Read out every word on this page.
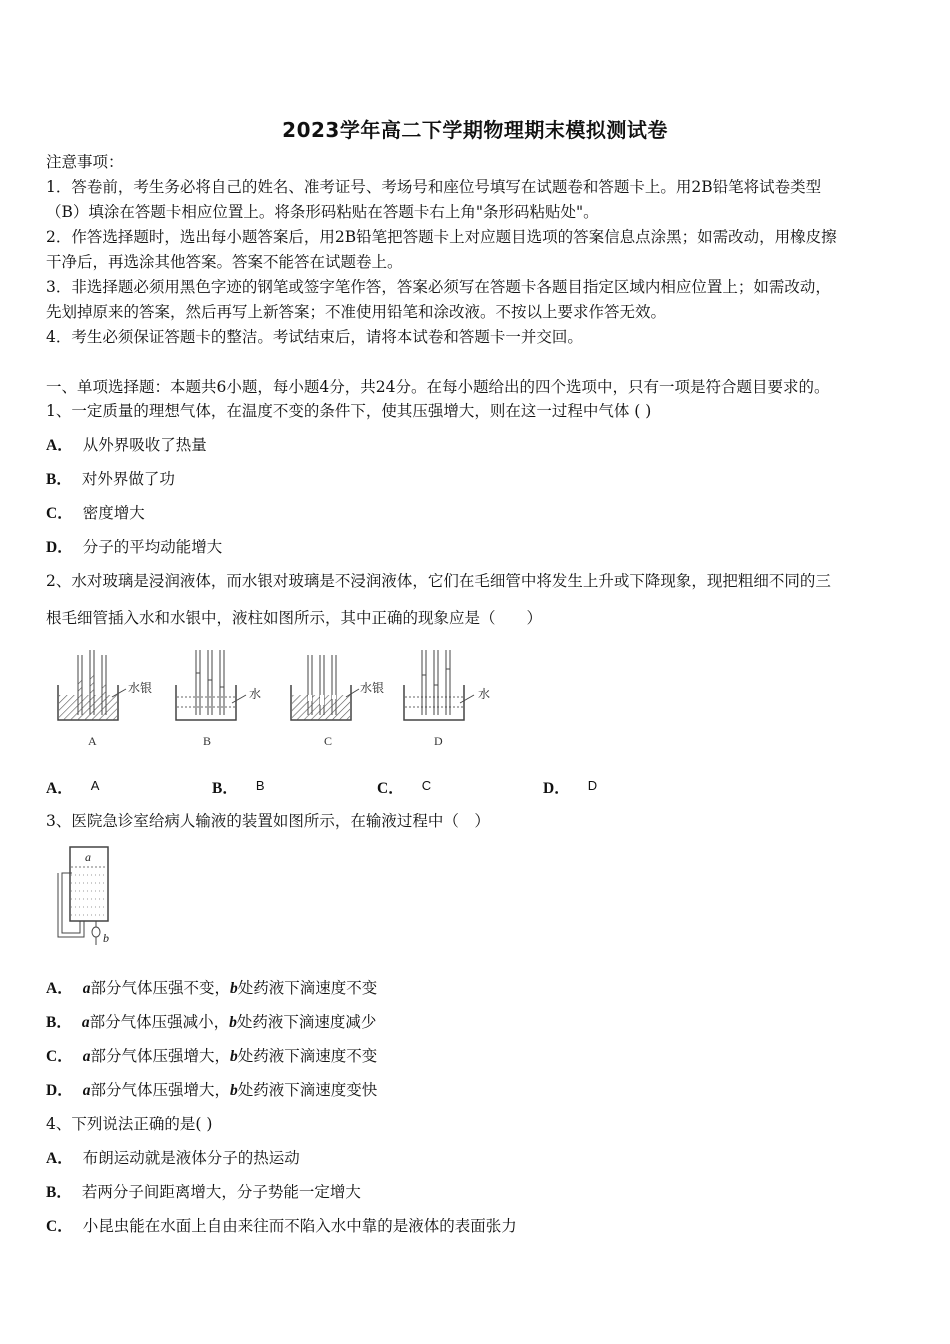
2023学年高二下学期物理期末模拟测试卷
注意事项：
1．答卷前，考生务必将自己的姓名、准考证号、考场号和座位号填写在试题卷和答题卡上。用2B铅笔将试卷类型
（B）填涂在答题卡相应位置上。将条形码粘贴在答题卡右上角"条形码粘贴处"。
2．作答选择题时，选出每小题答案后，用2B铅笔把答题卡上对应题目选项的答案信息点涂黑；如需改动，用橡皮擦
干净后，再选涂其他答案。答案不能答在试题卷上。
3．非选择题必须用黑色字迹的钢笔或签字笔作答，答案必须写在答题卡各题目指定区域内相应位置上；如需改动，
先划掉原来的答案，然后再写上新答案；不准使用铅笔和涂改液。不按以上要求作答无效。
4．考生必须保证答题卡的整洁。考试结束后，请将本试卷和答题卡一并交回。
一、单项选择题：本题共6小题，每小题4分，共24分。在每小题给出的四个选项中，只有一项是符合题目要求的。
1、一定质量的理想气体，在温度不变的条件下，使其压强增大，则在这一过程中气体 ( )
A． 从外界吸收了热量
B． 对外界做了功
C． 密度增大
D． 分子的平均动能增大
2、水对玻璃是浸润液体，而水银对玻璃是不浸润液体，它们在毛细管中将发生上升或下降现象，现把粗细不同的三
根毛细管插入水和水银中，液柱如图所示，其中正确的现象应是（　　）
水银
A
水
B
水银
C
水
D
A． A	B． B	C． C	D． D
3、医院急诊室给病人输液的装置如图所示，在输液过程中（　）
a
b
A． a部分气体压强不变，b处药液下滴速度不变
B． a部分气体压强减小，b处药液下滴速度减少
C． a部分气体压强增大，b处药液下滴速度不变
D． a部分气体压强增大，b处药液下滴速度变快
4、下列说法正确的是( )
A． 布朗运动就是液体分子的热运动
B． 若两分子间距离增大，分子势能一定增大
C． 小昆虫能在水面上自由来往而不陷入水中靠的是液体的表面张力
